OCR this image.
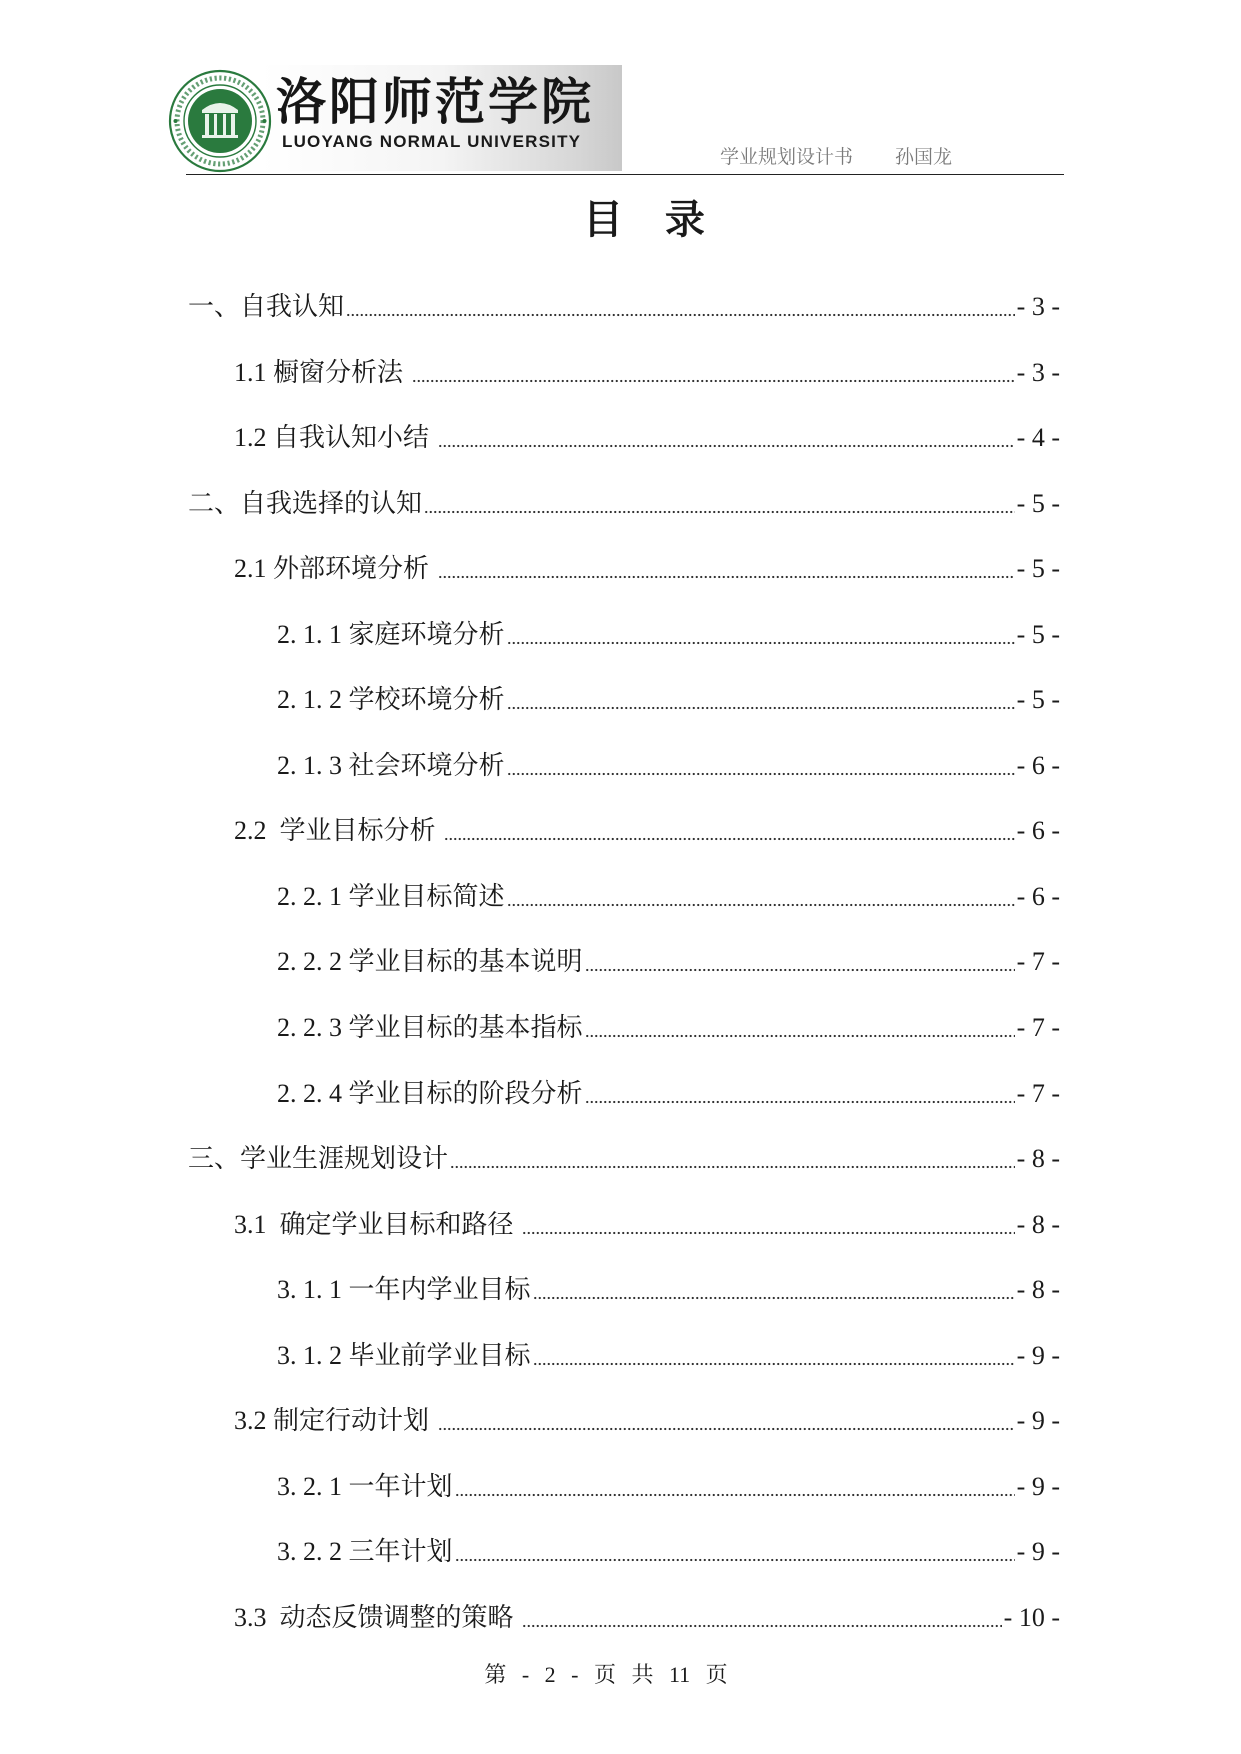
洛阳师范学院
LUOYANG NORMAL UNIVERSITY
学业规划设计书 孙国龙
目 录
一、自我认知	- 3 -
1.1 橱窗分析法	- 3 -
1.2 自我认知小结	- 4 -
二、自我选择的认知	- 5 -
2.1 外部环境分析	- 5 -
2. 1. 1 家庭环境分析	- 5 -
2. 1. 2 学校环境分析	- 5 -
2. 1. 3 社会环境分析	- 6 -
2.2  学业目标分析	- 6 -
2. 2. 1 学业目标简述	- 6 -
2. 2. 2 学业目标的基本说明	- 7 -
2. 2. 3 学业目标的基本指标	- 7 -
2. 2. 4 学业目标的阶段分析	- 7 -
三、学业生涯规划设计	- 8 -
3.1  确定学业目标和路径	- 8 -
3. 1. 1 一年内学业目标	- 8 -
3. 1. 2 毕业前学业目标	- 9 -
3.2 制定行动计划	- 9 -
3. 2. 1 一年计划	- 9 -
3. 2. 2 三年计划	- 9 -
3.3  动态反馈调整的策略	- 10 -
第 - 2 - 页 共 11 页
